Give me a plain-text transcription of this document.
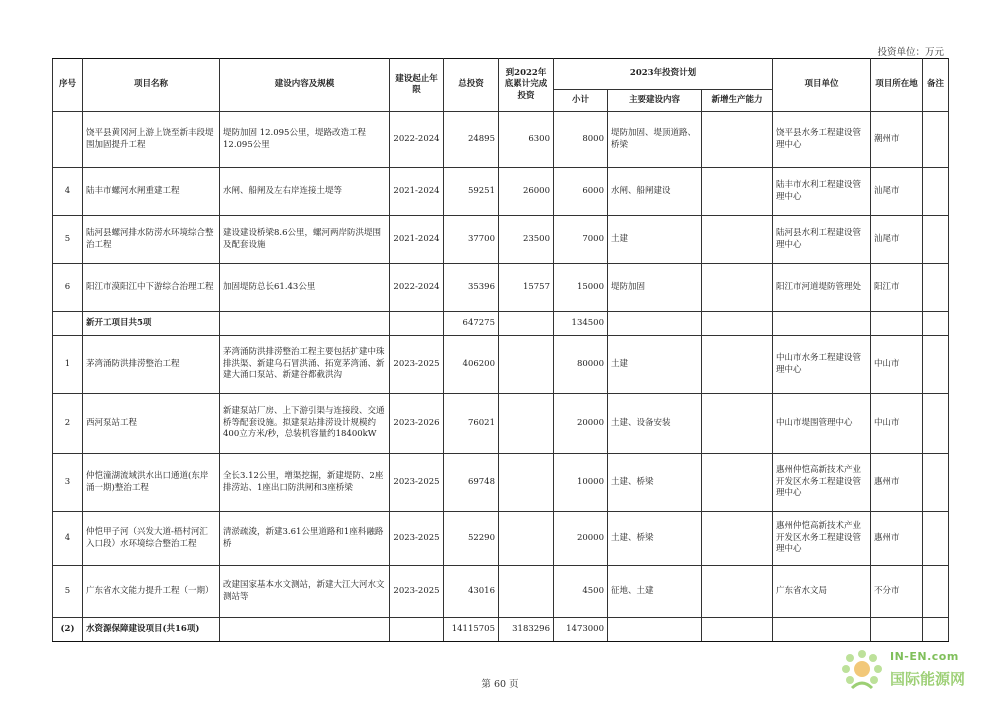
投资单位：万元
序号	项目名称	建设内容及规模	建设起止年限	总投资	到2022年底累计完成投资	2023年投资计划			项目单位	项目所在地	备注
						小计	主要建设内容	新增生产能力			
	饶平县黄冈河上游上饶至新丰段堤围加固提升工程	堤防加固 12.095公里，堤路改造工程 12.095公里	2022-2024	24895	6300	8000	堤防加固、堤顶道路、桥梁		饶平县水务工程建设管理中心	潮州市	
4	陆丰市螺河水闸重建工程	水闸、船闸及左右岸连接土堤等	2021-2024	59251	26000	6000	水闸、船闸建设		陆丰市水利工程建设管理中心	汕尾市	
5	陆河县螺河排水防涝水环境综合整治工程	建设建设桥梁8.6公里，螺河两岸防洪堤围及配套设施	2021-2024	37700	23500	7000	土建		陆河县水利工程建设管理中心	汕尾市	
6	阳江市漠阳江中下游综合治理工程	加固堤防总长61.43公里	2022-2024	35396	15757	15000	堤防加固		阳江市河道堤防管理处	阳江市	
	新开工项目共5项			647275		134500					
1	茅湾涌防洪排涝整治工程	茅湾涌防洪排涝整治工程主要包括扩建中珠排洪渠、新建乌石冒洪涌、拓宽茅湾涌、新建大涌口泵站、新建谷都截洪沟	2023-2025	406200		80000	土建		中山市水务工程建设管理中心	中山市	
2	西河泵站工程	新建泵站厂房、上下游引渠与连接段、交通桥等配套设施。拟建泵站排涝设计规模约400立方米/秒，总装机容量约18400kW	2023-2026	76021		20000	土建、设备安装		中山市堤围管理中心	中山市	
3	仲恺潼湖流域洪水出口通道(东岸涌一期)整治工程	全长3.12公里，增渠挖掘，新建堤防、2座排涝站、1座出口防洪闸和3座桥梁	2023-2025	69748		10000	土建、桥梁		惠州仲恺高新技术产业开发区水务工程建设管理中心	惠州市	
4	仲恺甲子河（兴发大道-梧村河汇入口段）水环境综合整治工程	清淤疏浚，新建3.61公里道路和1座科融路桥	2023-2025	52290		20000	土建、桥梁		惠州仲恺高新技术产业开发区水务工程建设管理中心	惠州市	
5	广东省水文能力提升工程（一期）	改建国家基本水文测站，新建大江大河水文测站等	2023-2025	43016		4500	征地、土建		广东省水文局	不分市	
(2)	水资源保障建设项目(共16项)			14115705	3183296	1473000					
第 60 页
IN-EN.com
国际能源网
